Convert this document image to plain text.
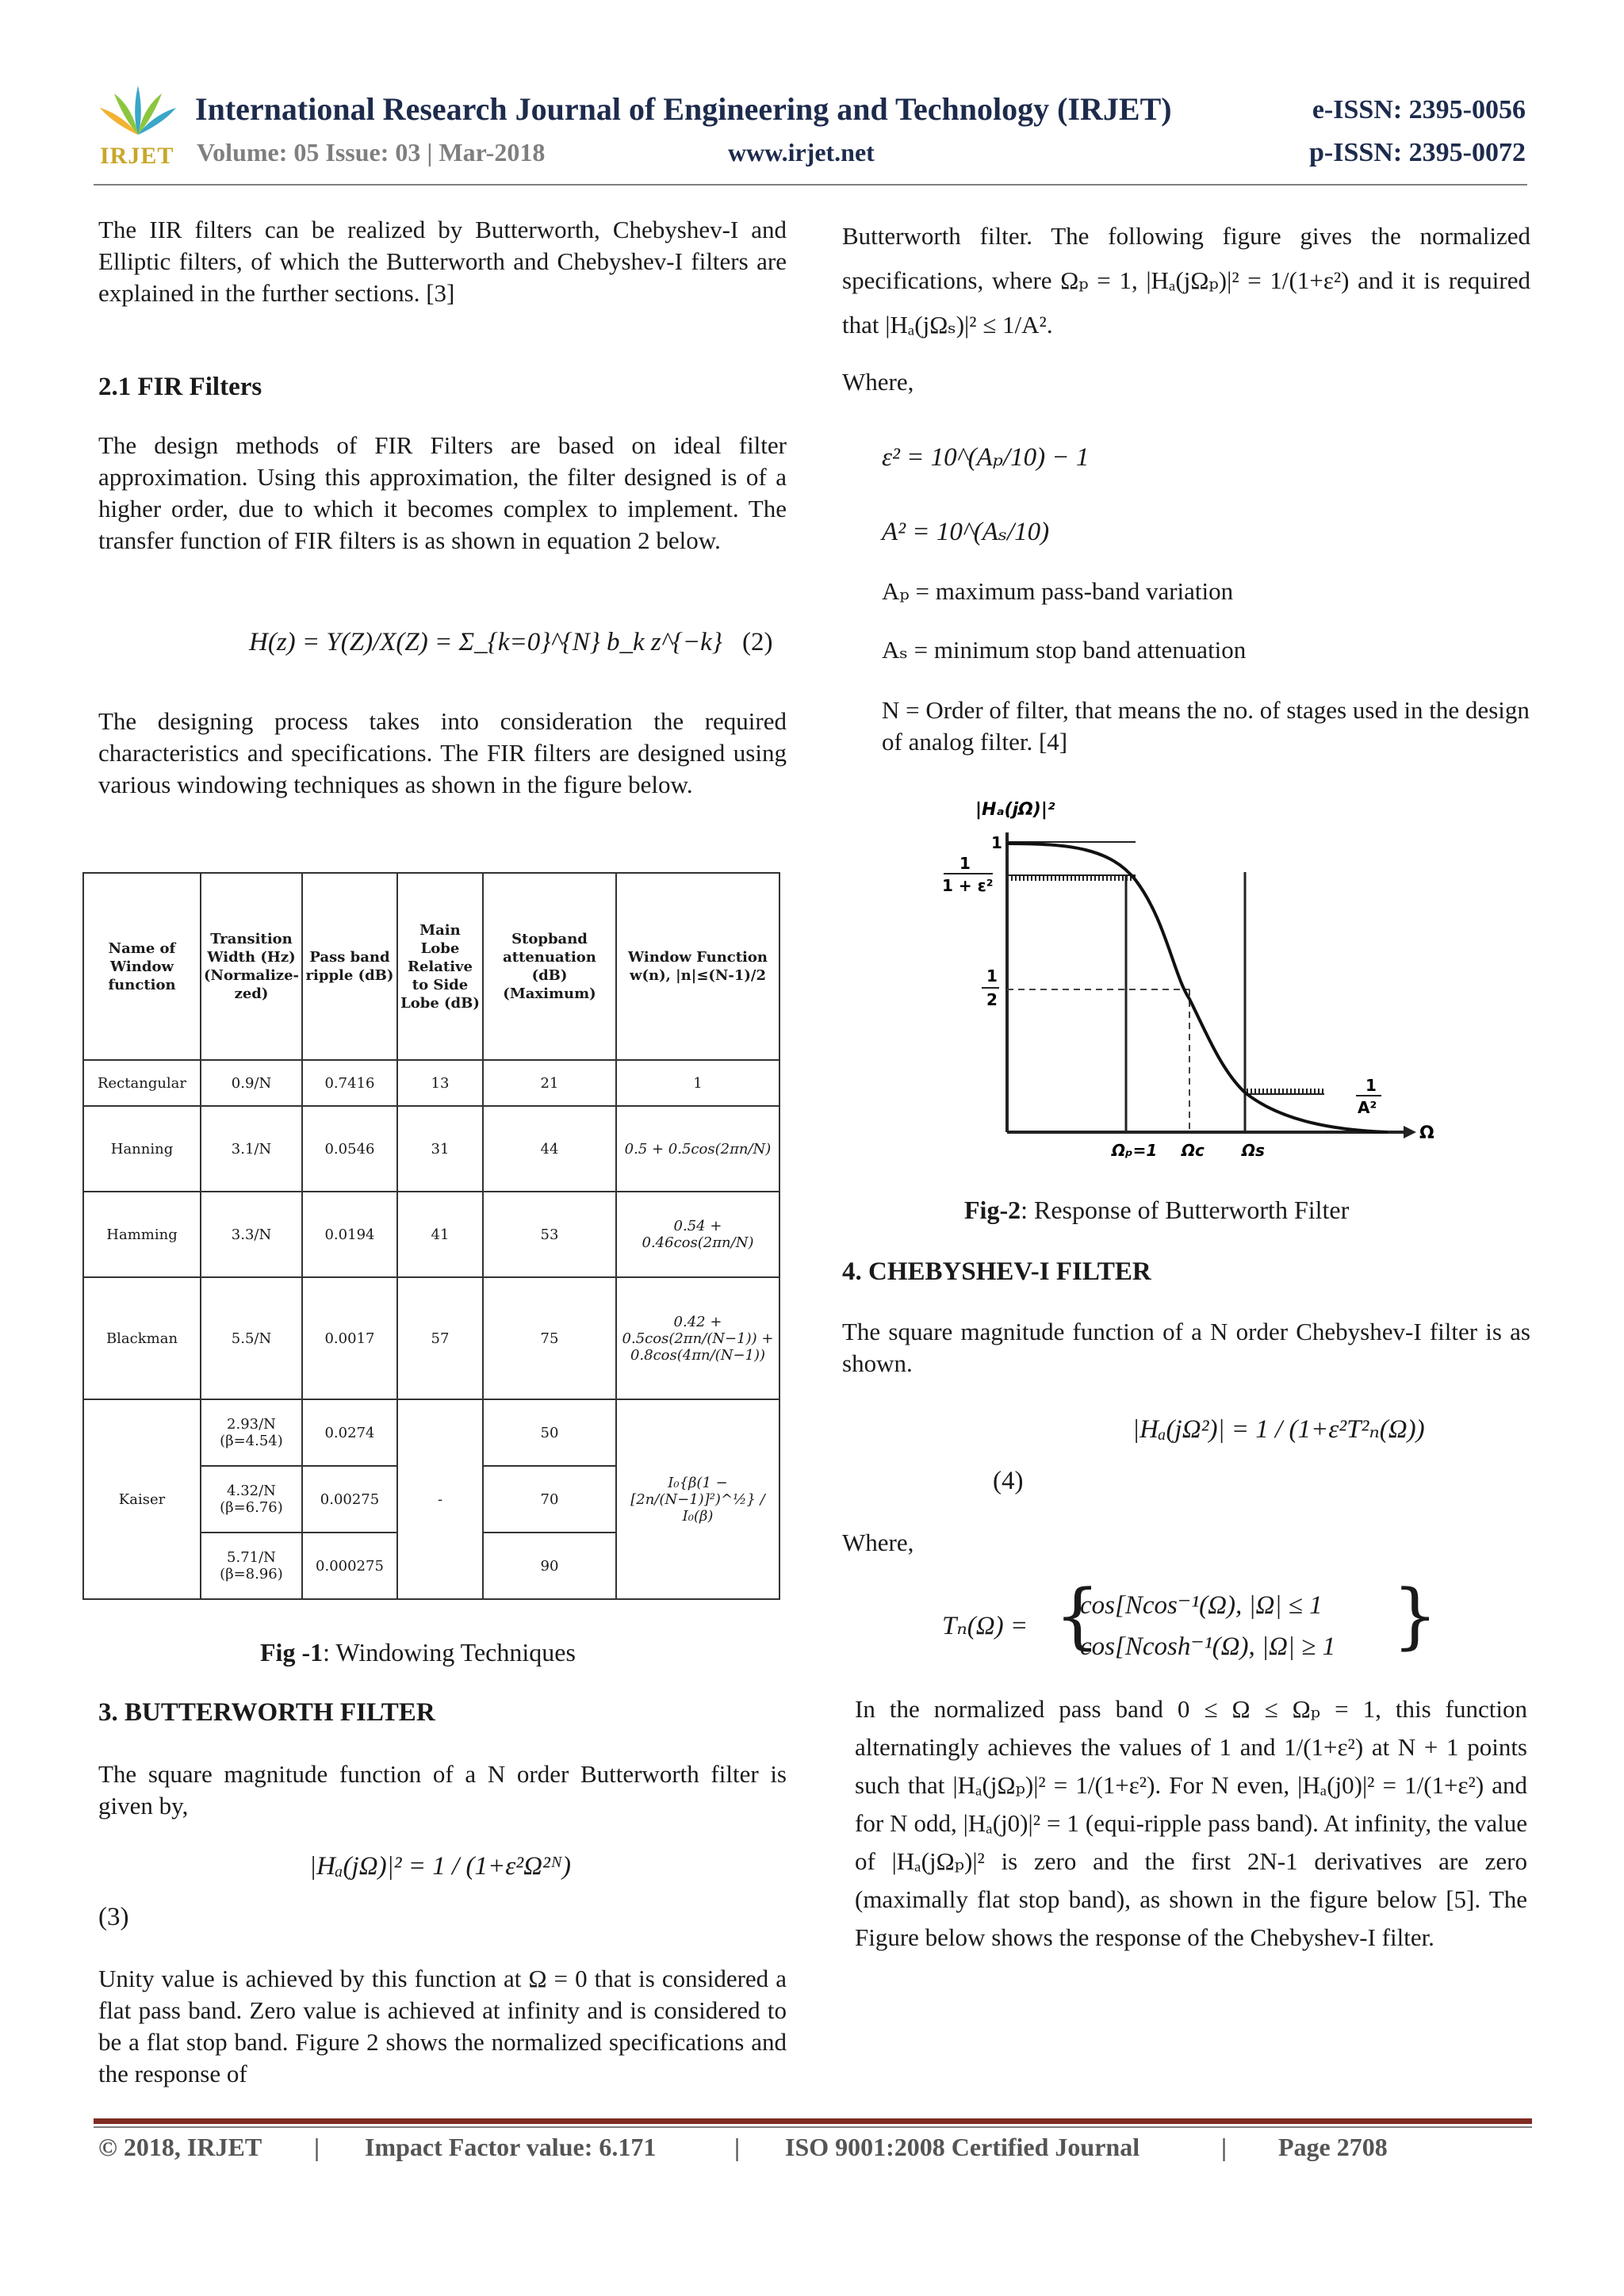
IRJET
International Research Journal of Engineering and Technology (IRJET)
Volume: 05 Issue: 03 | Mar-2018	www.irjet.net
e-ISSN: 2395-0056
p-ISSN: 2395-0072

The IIR filters can be realized by Butterworth, Chebyshev-I and Elliptic filters, of which the Butterworth and Chebyshev-I filters are explained in the further sections. [3]

2.1 FIR Filters

The design methods of FIR Filters are based on ideal filter approximation. Using this approximation, the filter designed is of a higher order, due to which it becomes complex to implement. The transfer function of FIR filters is as shown in equation 2 below.

H(z) = Y(Z)/X(Z) = Σ_{k=0}^{N} b_k z^{−k} (2)

The designing process takes into consideration the required characteristics and specifications. The FIR filters are designed using various windowing techniques as shown in the figure below.

Name of Window function	Transition Width (Hz) (Normalize-zed)	Pass band ripple (dB)	Main Lobe Relative to Side Lobe (dB)	Stopband attenuation (dB) (Maximum)	Window Function w(n), |n|≤(N-1)/2
Rectangular	0.9/N	0.7416	13	21	1
Hanning	3.1/N	0.0546	31	44	0.5 + 0.5cos(2πn/N)
Hamming	3.3/N	0.0194	41	53	0.54 + 0.46cos(2πn/N)
Blackman	5.5/N	0.0017	57	75	0.42 + 0.5cos(2πn/(N−1)) + 0.8cos(4πn/(N−1))
Kaiser	2.93/N (β=4.54)	0.0274	-	50	I₀{β(1 − [2n/(N−1)]²)^½} / I₀(β)
	4.32/N (β=6.76)	0.00275		70	
	5.71/N (β=8.96)	0.000275		90	
Fig -1: Windowing Techniques
3. BUTTERWORTH FILTER

The square magnitude function of a N order Butterworth filter is given by,

|Hₐ(jΩ)|² = 1 / (1+ε²Ω²ᴺ)
(3)

Unity value is achieved by this function at Ω = 0 that is considered a flat pass band. Zero value is achieved at infinity and is considered to be a flat stop band. Figure 2 shows the normalized specifications and the response of

Butterworth filter. The following figure gives the normalized specifications, where Ωₚ = 1, |Hₐ(jΩₚ)|² = 1/(1+ε²) and it is required that |Hₐ(jΩₛ)|² ≤ 1/A².

Where,
ε² = 10^(Aₚ/10) − 1
A² = 10^(Aₛ/10)
Aₚ = maximum pass-band variation
Aₛ = minimum stop band attenuation

N = Order of filter, that means the no. of stages used in the design of analog filter. [4]

|Hₐ(jΩ)|²
1
1
1 + ε²
1
2
1
A²
Ω
Ωₚ=1 Ωc Ωs
Fig-2: Response of Butterworth Filter
4. CHEBYSHEV-I FILTER

The square magnitude function of a N order Chebyshev-I filter is as shown.

|Hₐ(jΩ²)| = 1 / (1+ε²T²ₙ(Ω))
(4)
Where,
Tₙ(Ω) = {
cos[Ncos⁻¹(Ω), |Ω| ≤ 1
cos[Ncosh⁻¹(Ω), |Ω| ≥ 1 }

In the normalized pass band 0 ≤ Ω ≤ Ωₚ = 1, this function alternatingly achieves the values of 1 and 1/(1+ε²) at N + 1 points such that |Hₐ(jΩₚ)|² = 1/(1+ε²). For N even, |Hₐ(j0)|² = 1/(1+ε²) and for N odd, |Hₐ(j0)|² = 1 (equi-ripple pass band). At infinity, the value of |Hₐ(jΩₚ)|² is zero and the first 2N-1 derivatives are zero (maximally flat stop band), as shown in the figure below [5]. The Figure below shows the response of the Chebyshev-I filter.

© 2018, IRJET | Impact Factor value: 6.171	| ISO 9001:2008 Certified Journal	| Page 2708
